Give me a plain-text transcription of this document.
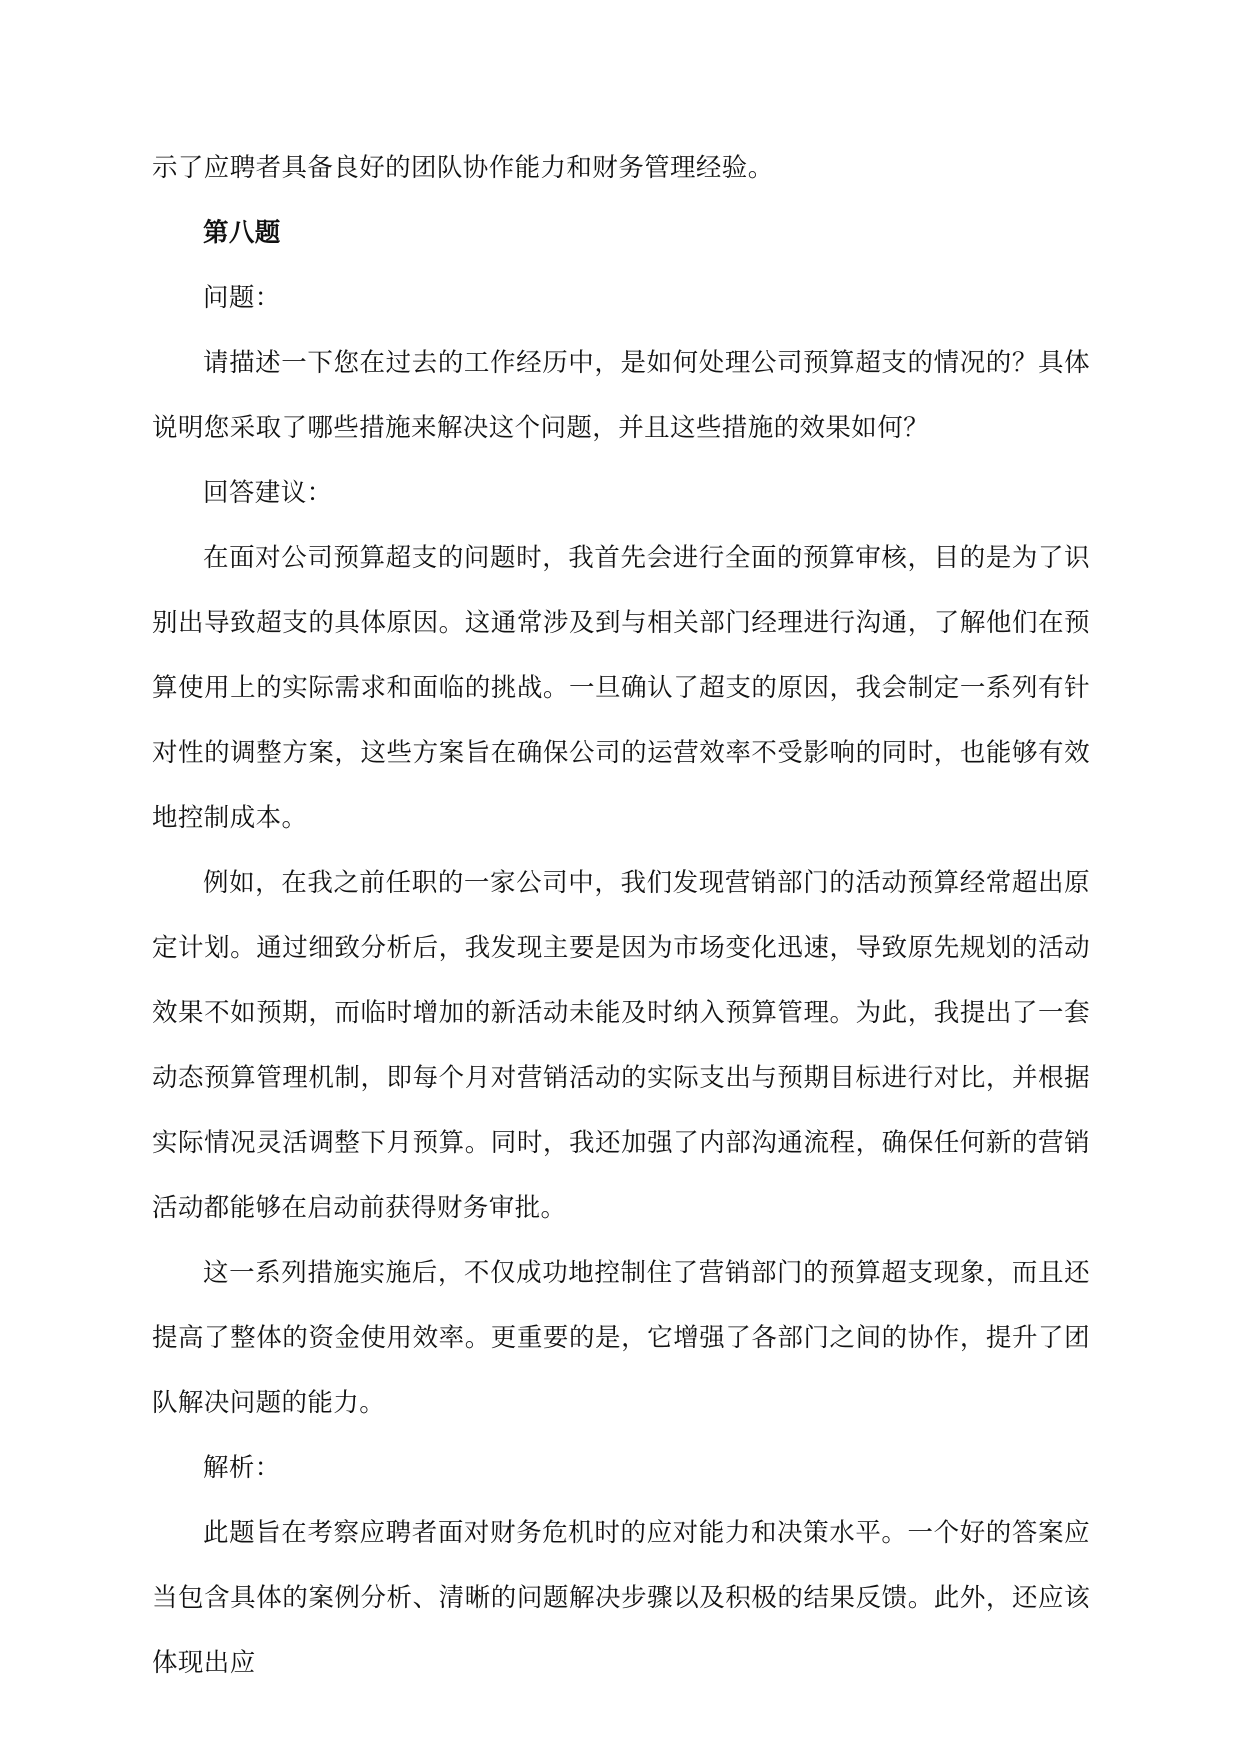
示了应聘者具备良好的团队协作能力和财务管理经验。

第八题

问题：

请描述一下您在过去的工作经历中，是如何处理公司预算超支的情况的？具体说明您采取了哪些措施来解决这个问题，并且这些措施的效果如何？

回答建议：

在面对公司预算超支的问题时，我首先会进行全面的预算审核，目的是为了识别出导致超支的具体原因。这通常涉及到与相关部门经理进行沟通，了解他们在预算使用上的实际需求和面临的挑战。一旦确认了超支的原因，我会制定一系列有针对性的调整方案，这些方案旨在确保公司的运营效率不受影响的同时，也能够有效地控制成本。

例如，在我之前任职的一家公司中，我们发现营销部门的活动预算经常超出原定计划。通过细致分析后，我发现主要是因为市场变化迅速，导致原先规划的活动效果不如预期，而临时增加的新活动未能及时纳入预算管理。为此，我提出了一套动态预算管理机制，即每个月对营销活动的实际支出与预期目标进行对比，并根据实际情况灵活调整下月预算。同时，我还加强了内部沟通流程，确保任何新的营销活动都能够在启动前获得财务审批。

这一系列措施实施后，不仅成功地控制住了营销部门的预算超支现象，而且还提高了整体的资金使用效率。更重要的是，它增强了各部门之间的协作，提升了团队解决问题的能力。

解析：

此题旨在考察应聘者面对财务危机时的应对能力和决策水平。一个好的答案应当包含具体的案例分析、清晰的问题解决步骤以及积极的结果反馈。此外，还应该体现出应
